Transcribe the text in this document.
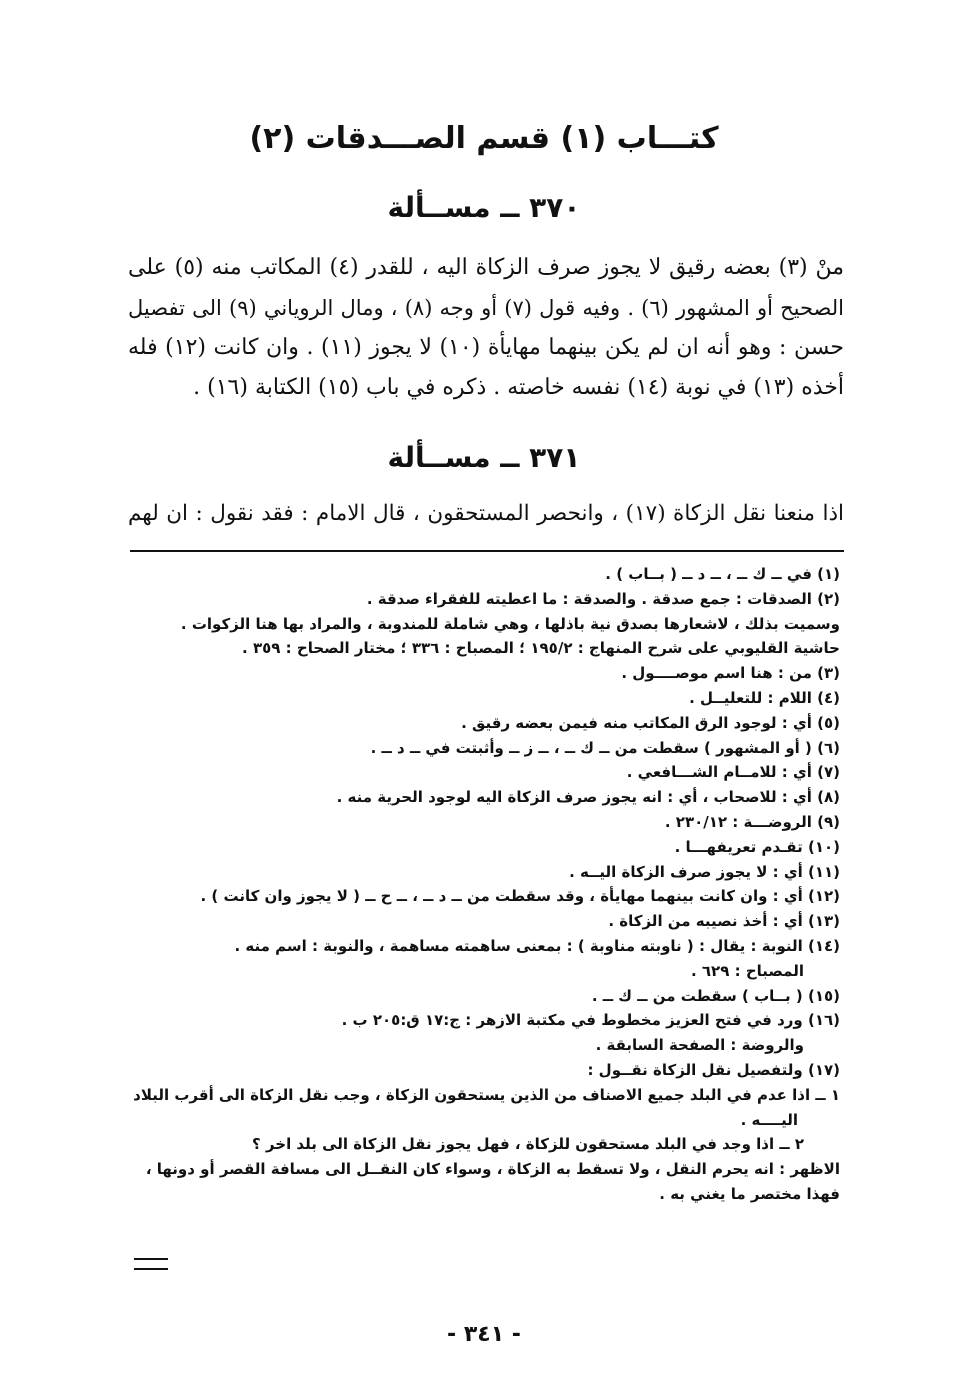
كتـــاب (١) قسم الصـــدقات (٢)
٣٧٠ ــ مســألة
منْ (٣) بعضه رقيق لا يجوز صرف الزكاة اليه ، للقدر (٤) المكاتب منه (٥) على
الصحيح أو المشهور (٦) . وفيه قول (٧) أو وجه (٨) ، ومال الروياني (٩) الى تفصيل
حسن : وهو أنه ان لم يكن بينهما مهايأة (١٠) لا يجوز (١١) . وان كانت (١٢) فله
أخذه (١٣) في نوبة (١٤) نفسه خاصته . ذكره في باب (١٥) الكتابة (١٦) .
٣٧١ ــ مســألة
اذا منعنا نقل الزكاة (١٧) ، وانحصر المستحقون ، قال الامام : فقد نقول : ان لهم
(١) في ــ ك ــ ، ــ د ــ ( بــاب ) .
(٢) الصدقات : جمع صدقة . والصدقة : ما اعطيته للفقراء صدقة .
وسميت بذلك ، لاشعارها بصدق نية باذلها ، وهي شاملة للمندوبة ، والمراد بها هنا الزكوات .
حاشية القليوبي على شرح المنهاج : ١٩٥/٢ ؛ المصباح : ٣٣٦ ؛ مختار الصحاح : ٣٥٩ .
(٣) من : هنا اسم موصــــول .
(٤) اللام : للتعليــل .
(٥) أي : لوجود الرق المكاتب منه فيمن بعضه رقيق .
(٦) ( أو المشهور ) سقطت من ــ ك ــ ، ــ ز ــ وأثبتت في ــ د ــ .
(٧) أي : للامــام الشـــافعي .
(٨) أي : للاصحاب ، أي : انه يجوز صرف الزكاة اليه لوجود الحرية منه .
(٩) الروضـــة : ٢٣٠/١٢ .
(١٠) تقـدم تعريفهـــا .
(١١) أي : لا يجوز صرف الزكاة اليــه .
(١٢) أي : وان كانت بينهما مهايأة ، وقد سقطت من ــ د ــ ، ــ ح ــ ( لا يجوز وان كانت ) .
(١٣) أي : أخذ نصيبه من الزكاة .
(١٤) النوبة : يقال : ( ناوبته مناوبة ) : بمعنى ساهمته مساهمة ، والنوبة : اسم منه .
المصباح : ٦٢٩ .
(١٥) ( بــاب ) سقطت من ــ ك ــ .
(١٦) ورد في فتح العزيز مخطوط في مكتبة الازهر : ج:١٧ ق:٢٠٥ ب .
والروضة : الصفحة السابقة .
(١٧) ولتفصيل نقل الزكاة نقــول :
١ ــ اذا عدم في البلد جميع الاصناف من الذين يستحقون الزكاة ، وجب نقل الزكاة الى أقرب البلاد
اليــــه .
٢ ــ اذا وجد في البلد مستحقون للزكاة ، فهل يجوز نقل الزكاة الى بلد اخر ؟
الاظهر : انه يحرم النقل ، ولا تسقط به الزكاة ، وسواء كان النقــل الى مسافة القصر أو دونها ،
فهذا مختصر ما يغني به .
- ٣٤١ -
